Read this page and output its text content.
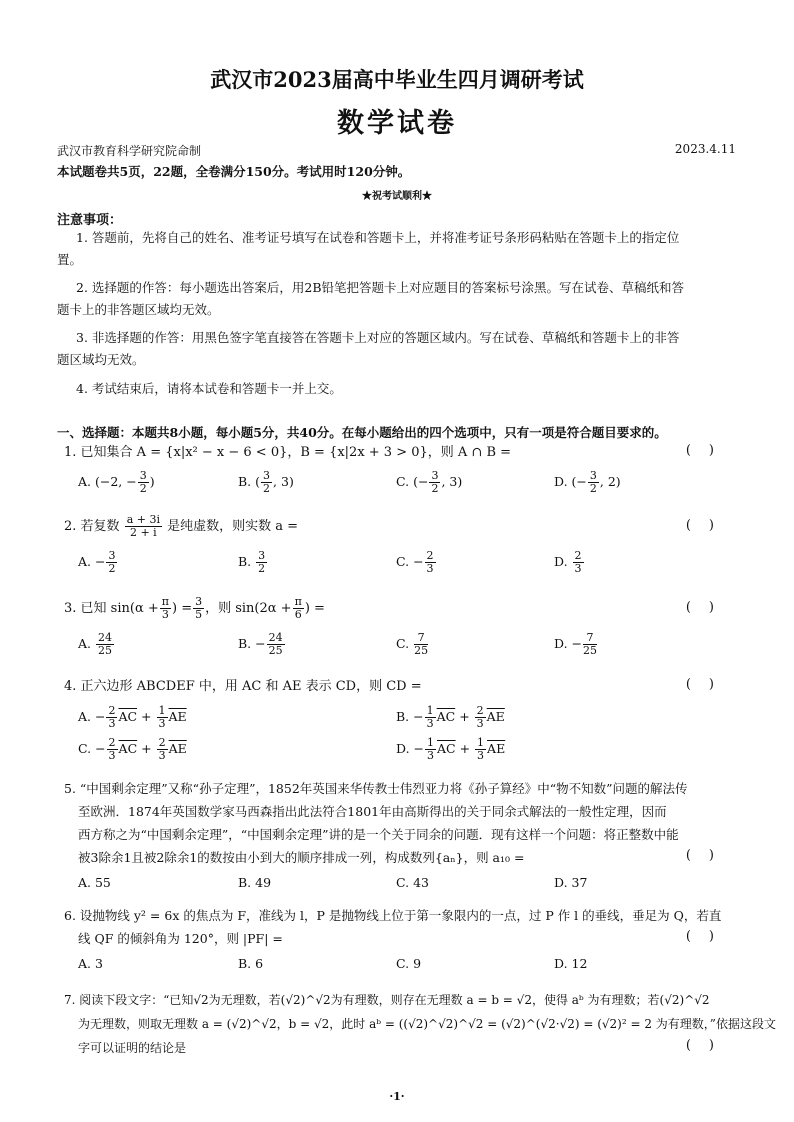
武汉市2023届高中毕业生四月调研考试
数学试卷
武汉市教育科学研究院命制	2023.4.11
本试题卷共5页，22题，全卷满分150分。考试用时120分钟。
★祝考试顺利★
注意事项：
1. 答题前，先将自己的姓名、准考证号填写在试卷和答题卡上，并将准考证号条形码粘贴在答题卡上的指定位
置。
2. 选择题的作答：每小题选出答案后，用2B铅笔把答题卡上对应题目的答案标号涂黑。写在试卷、草稿纸和答
题卡上的非答题区域均无效。
3. 非选择题的作答：用黑色签字笔直接答在答题卡上对应的答题区域内。写在试卷、草稿纸和答题卡上的非答
题区域均无效。
4. 考试结束后，请将本试卷和答题卡一并上交。
一、选择题：本题共8小题，每小题5分，共40分。在每小题给出的四个选项中，只有一项是符合题目要求的。
1. 已知集合 A = {x|x² − x − 6 < 0}，B = {x|2x + 3 > 0}，则 A ∩ B =	()
A. (−2, − $\frac{3}{2}$ )	B. ( $\frac{3}{2}$ , 3)	C. (− $\frac{3}{2}$ , 3)	D. (− $\frac{3}{2}$ , 2)
2. 若复数 $\frac{a + 3i}{2 + i}$ 是纯虚数，则实数 a =	()
A. − $\frac{3}{2}$	B. $\frac{3}{2}$	C. − $\frac{2}{3}$	D. $\frac{2}{3}$
3. 已知 $\sin(\alpha + \frac{\pi}{3}$ ) = $\frac{3}{5}$ ，则 $\sin(2\alpha + \frac{\pi}{6}$ ) =	()
A. $\frac{24}{25}$	B. − $\frac{24}{25}$	C. $\frac{7}{25}$	D. − $\frac{7}{25}$
4. 正六边形 ABCDEF 中，用 AC 和 AE 表示 CD，则 CD =	()
A. − $\frac{2}{3} \overline{AC} + \frac{1}{3} \overline{AE}$	B. − $\frac{1}{3} \overline{AC} + \frac{2}{3} \overline{AE}$
C. − $\frac{2}{3} \overline{AC} + \frac{2}{3} \overline{AE}$	D. − $\frac{1}{3} \overline{AC} + \frac{1}{3} \overline{AE}$
5. “中国剩余定理”又称“孙子定理”，1852年英国来华传教士伟烈亚力将《孙子算经》中“物不知数”问题的解法传
至欧洲．1874年英国数学家马西森指出此法符合1801年由高斯得出的关于同余式解法的一般性定理，因而
西方称之为“中国剩余定理”，“中国剩余定理”讲的是一个关于同余的问题．现有这样一个问题：将正整数中能
被3除余1且被2除余1的数按由小到大的顺序排成一列，构成数列{aₙ}，则 a₁₀ =	()
A. 55	B. 49	C. 43	D. 37
6. 设抛物线 y² = 6x 的焦点为 F，准线为 l，P 是抛物线上位于第一象限内的一点，过 P 作 l 的垂线，垂足为 Q，若直
线 QF 的倾斜角为 120°，则 |PF| =	()
A. 3	B. 6	C. 9	D. 12
7. 阅读下段文字：“已知√2为无理数，若(√2)^√2为有理数，则存在无理数 a = b = √2，使得 aᵇ 为有理数；若(√2)^√2
为无理数，则取无理数 a = (√2)^√2，b = √2，此时 aᵇ = ((√2)^√2)^√2 = (√2)^(√2·√2) = (√2)² = 2 为有理数，”依据这段文
字可以证明的结论是	()
·1·
